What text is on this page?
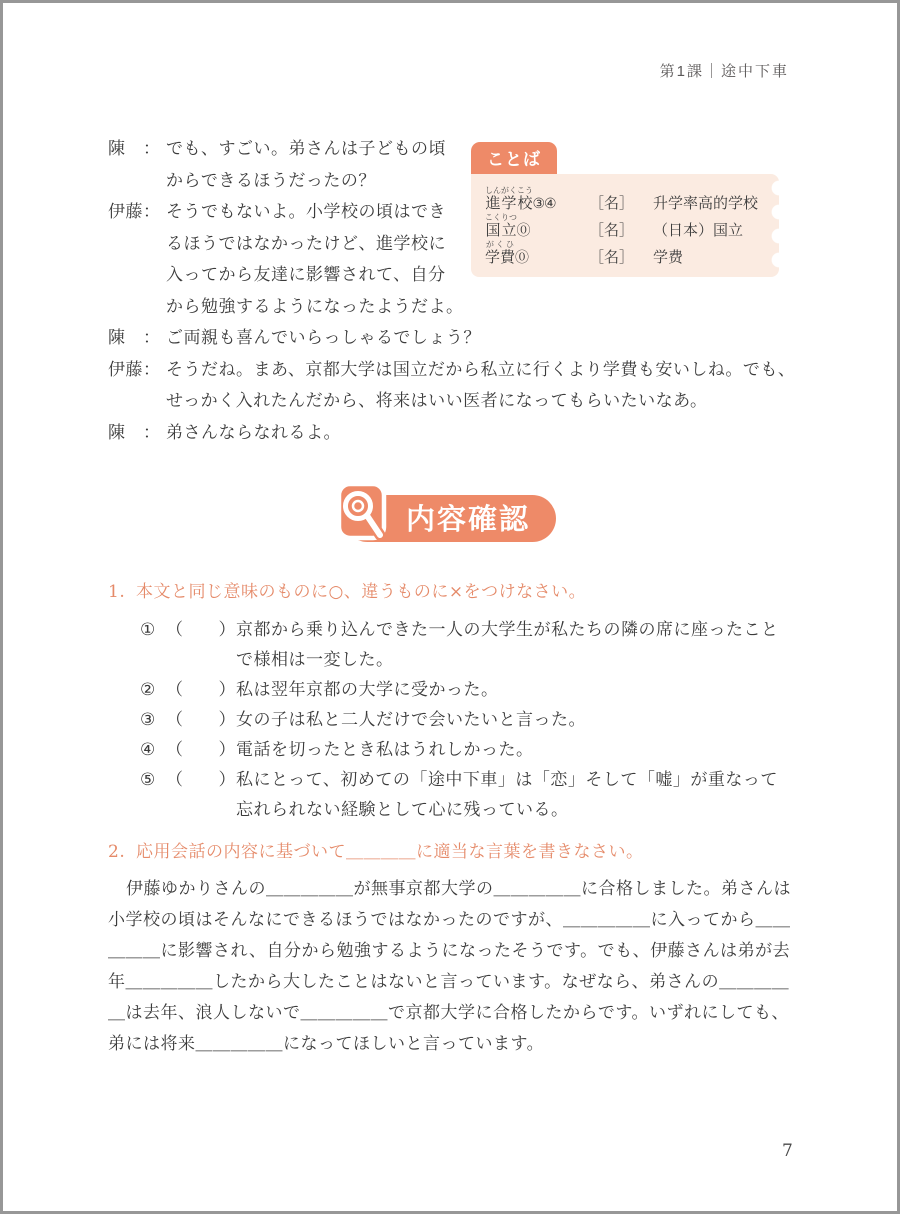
第1課｜途中下車
陳　： でも、すごい。弟さんは子どもの頃
からできるほうだったの？
伊藤： そうでもないよ。小学校の頃はでき
るほうではなかったけど、進学校に
入ってから友達に影響されて、自分
から勉強するようになったようだよ。
陳　： ご両親も喜んでいらっしゃるでしょう？
伊藤： そうだね。まあ、京都大学は国立だから私立に行くより学費も安いしね。でも、
せっかく入れたんだから、将来はいい医者になってもらいたいなあ。
陳　： 弟さんならなれるよ。
ことば
進学校しんがくこう③④	［名］	升学率高的学校
国立こくりつ⓪	［名］	（日本）国立
学費がくひ⓪	［名］	学费
内容確認
1. 本文と同じ意味のものに○、違うものに×をつけなさい。
① （　　） 京都から乗り込んできた一人の大学生が私たちの隣の席に座ったことで様相は一変した。
② （　　） 私は翌年京都の大学に受かった。
③ （　　） 女の子は私と二人だけで会いたいと言った。
④ （　　） 電話を切ったとき私はうれしかった。
⑤ （　　） 私にとって、初めての「途中下車」は「恋」そして「嘘」が重なって忘れられない経験として心に残っている。
2. 応用会話の内容に基づいて＿＿＿＿に適当な言葉を書きなさい。

伊藤ゆかりさんの＿＿＿＿＿が無事京都大学の＿＿＿＿＿に合格しました。弟さんは小学校の頃はそんなにできるほうではなかったのですが、＿＿＿＿＿に入ってから＿＿＿＿＿に影響され、自分から勉強するようになったそうです。でも、伊藤さんは弟が去年＿＿＿＿＿したから大したことはないと言っています。なぜなら、弟さんの＿＿＿＿＿は去年、浪人しないで＿＿＿＿＿で京都大学に合格したからです。いずれにしても、弟には将来＿＿＿＿＿になってほしいと言っています。

7
